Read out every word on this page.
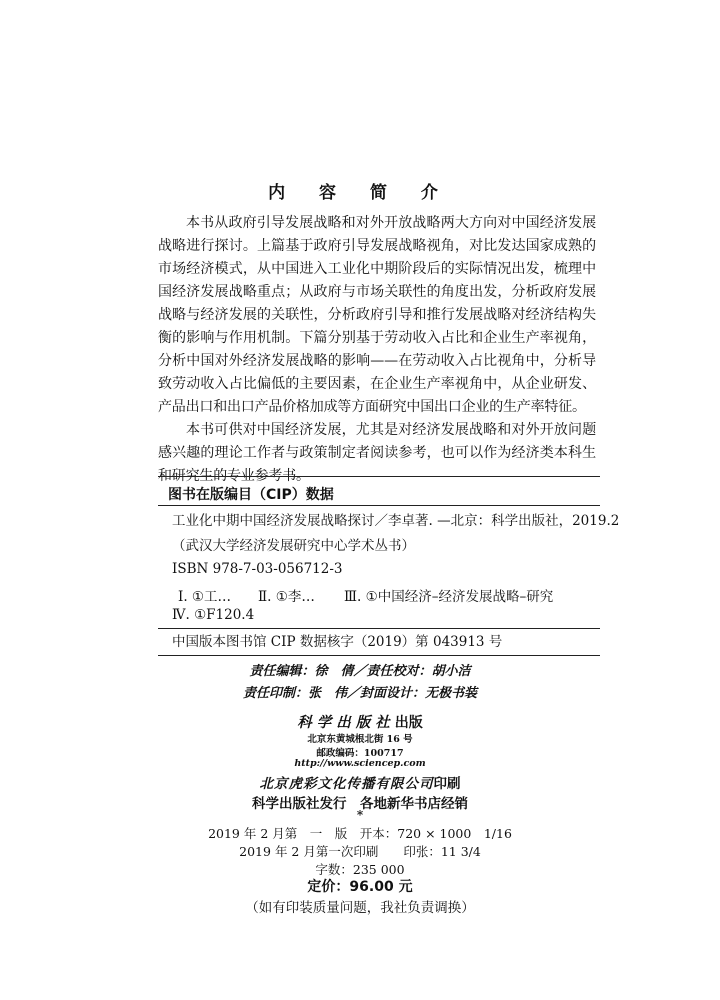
内 容 简 介

本书从政府引导发展战略和对外开放战略两大方向对中国经济发展战略进行探讨。上篇基于政府引导发展战略视角，对比发达国家成熟的市场经济模式，从中国进入工业化中期阶段后的实际情况出发，梳理中国经济发展战略重点；从政府与市场关联性的角度出发，分析政府发展战略与经济发展的关联性，分析政府引导和推行发展战略对经济结构失衡的影响与作用机制。下篇分别基于劳动收入占比和企业生产率视角，分析中国对外经济发展战略的影响——在劳动收入占比视角中，分析导致劳动收入占比偏低的主要因素，在企业生产率视角中，从企业研发、产品出口和出口产品价格加成等方面研究中国出口企业的生产率特征。

本书可供对中国经济发展，尤其是对经济发展战略和对外开放问题感兴趣的理论工作者与政策制定者阅读参考，也可以作为经济类本科生和研究生的专业参考书。

图书在版编目（CIP）数据
工业化中期中国经济发展战略探讨／李卓著. —北京：科学出版社，2019.2
（武汉大学经济发展研究中心学术丛书）
ISBN 978-7-03-056712-3
Ⅰ. ①工… Ⅱ. ①李… Ⅲ. ①中国经济–经济发展战略–研究
Ⅳ. ①F120.4
中国版本图书馆 CIP 数据核字（2019）第 043913 号
责任编辑：徐　倩／责任校对：胡小洁
责任印制：张　伟／封面设计：无极书装
科学出版社出版
北京东黄城根北街 16 号
邮政编码：100717
http://www.sciencep.com
北京虎彩文化传播有限公司印刷
科学出版社发行　各地新华书店经销
*
2019 年 2 月第　一　版　开本：720 × 1000　1/16
2019 年 2 月第一次印刷　　印张：11 3/4
字数：235 000
定价：96.00 元
（如有印装质量问题，我社负责调换）
